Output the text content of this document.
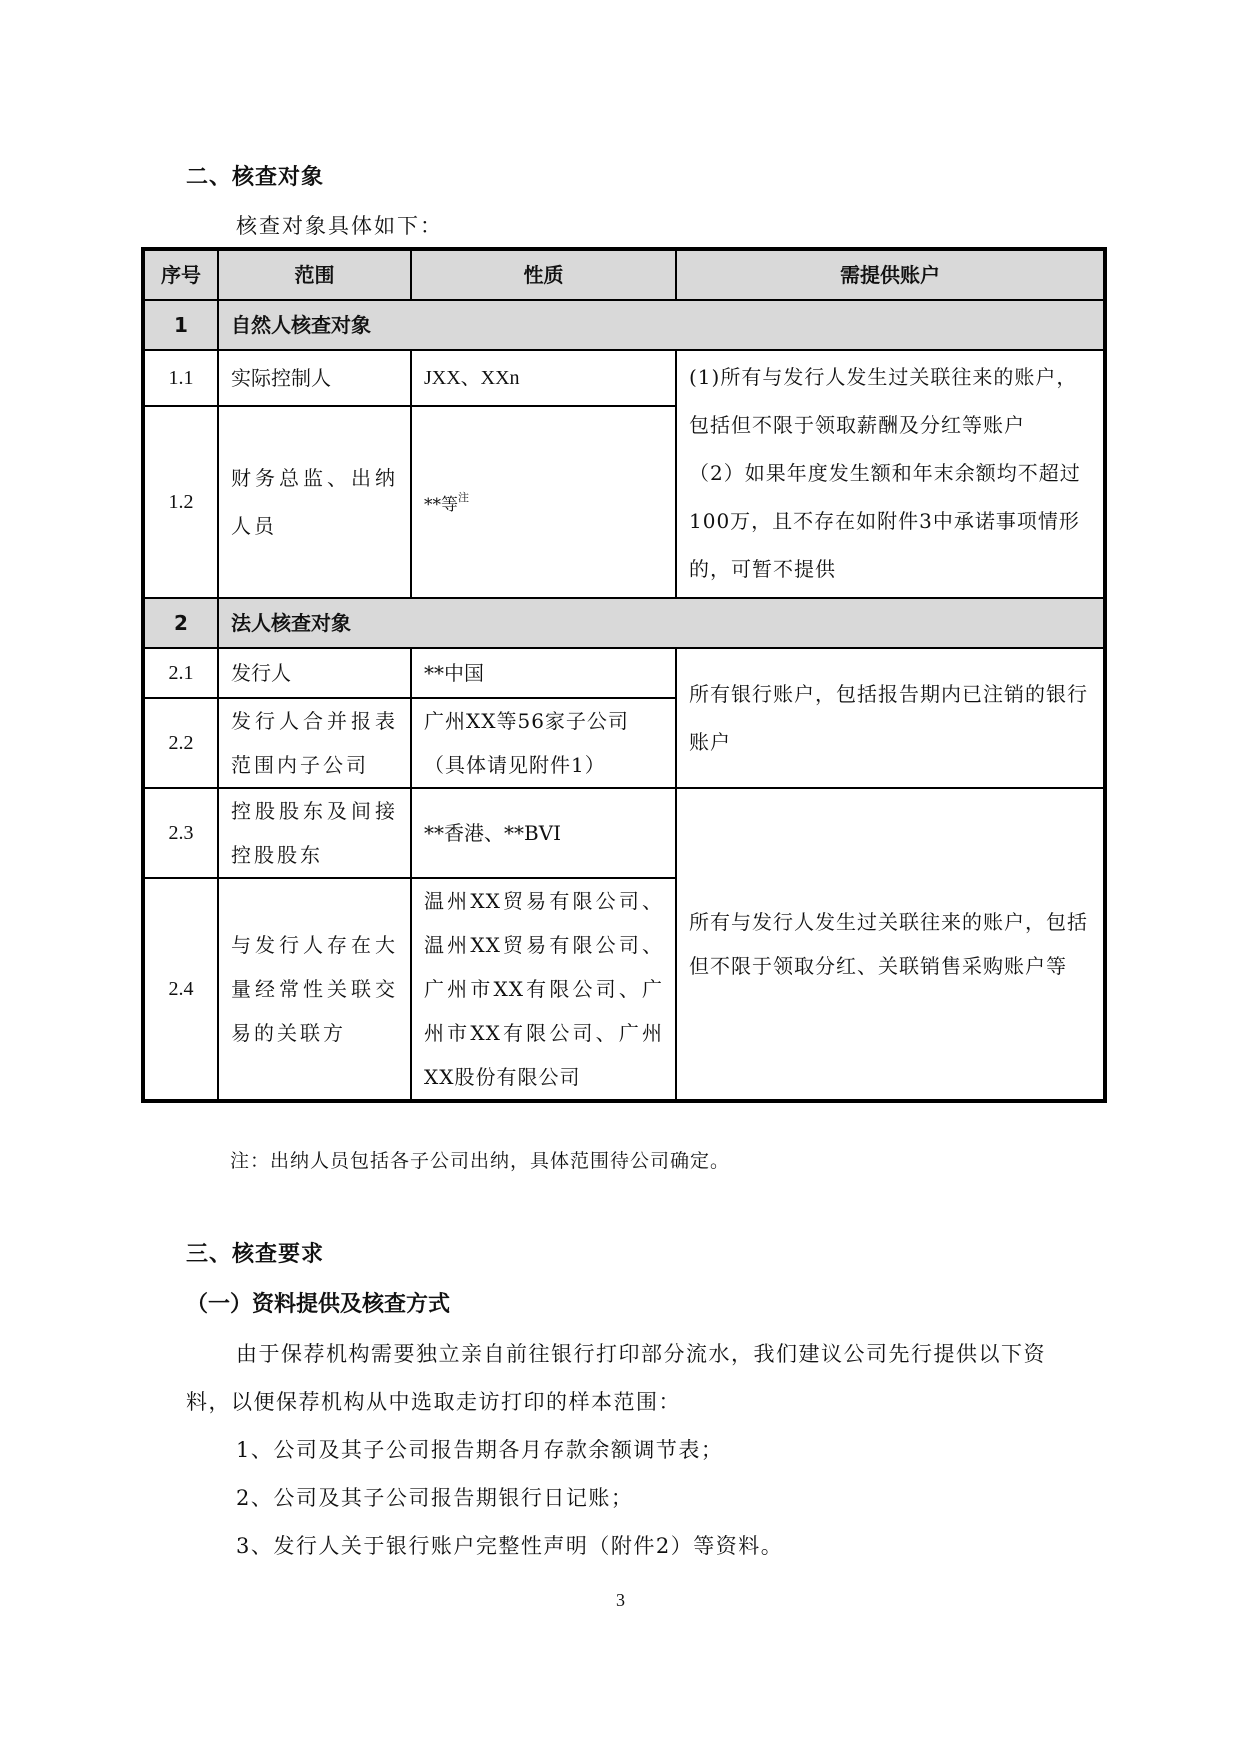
二、核查对象
核查对象具体如下：
序号	范围	性质	需提供账户
1	自然人核查对象		
1.1	实际控制人	JXX、XXn	(1)所有与发行人发生过关联往来的账户，包括但不限于领取薪酬及分红等账户
（2）如果年度发生额和年末余额均不超过100万，且不存在如附件3中承诺事项情形的，可暂不提供

1.2	财务总监、出纳人员	**等$^注$
2	法人核查对象		
2.1	发行人	**中国	所有银行账户，包括报告期内已注销的银行账户

2.2	发行人合并报表范围内子公司	广州XX等56家子公司（具体请见附件1）	
2.3	控股股东及间接控股股东	**香港、**BVI	所有与发行人发生过关联往来的账户，包括但不限于领取分红、关联销售采购账户等

2.4	与发行人存在大量经常性关联交易的关联方	温州XX贸易有限公司、温州XX贸易有限公司、广州市XX有限公司、广州市XX有限公司、广州XX股份有限公司	
注：出纳人员包括各子公司出纳，具体范围待公司确定。
三、核查要求
（一）资料提供及核查方式
由于保荐机构需要独立亲自前往银行打印部分流水，我们建议公司先行提供以下资料，以便保荐机构从中选取走访打印的样本范围：
1、公司及其子公司报告期各月存款余额调节表；
2、公司及其子公司报告期银行日记账；
3、发行人关于银行账户完整性声明（附件2）等资料。
3
